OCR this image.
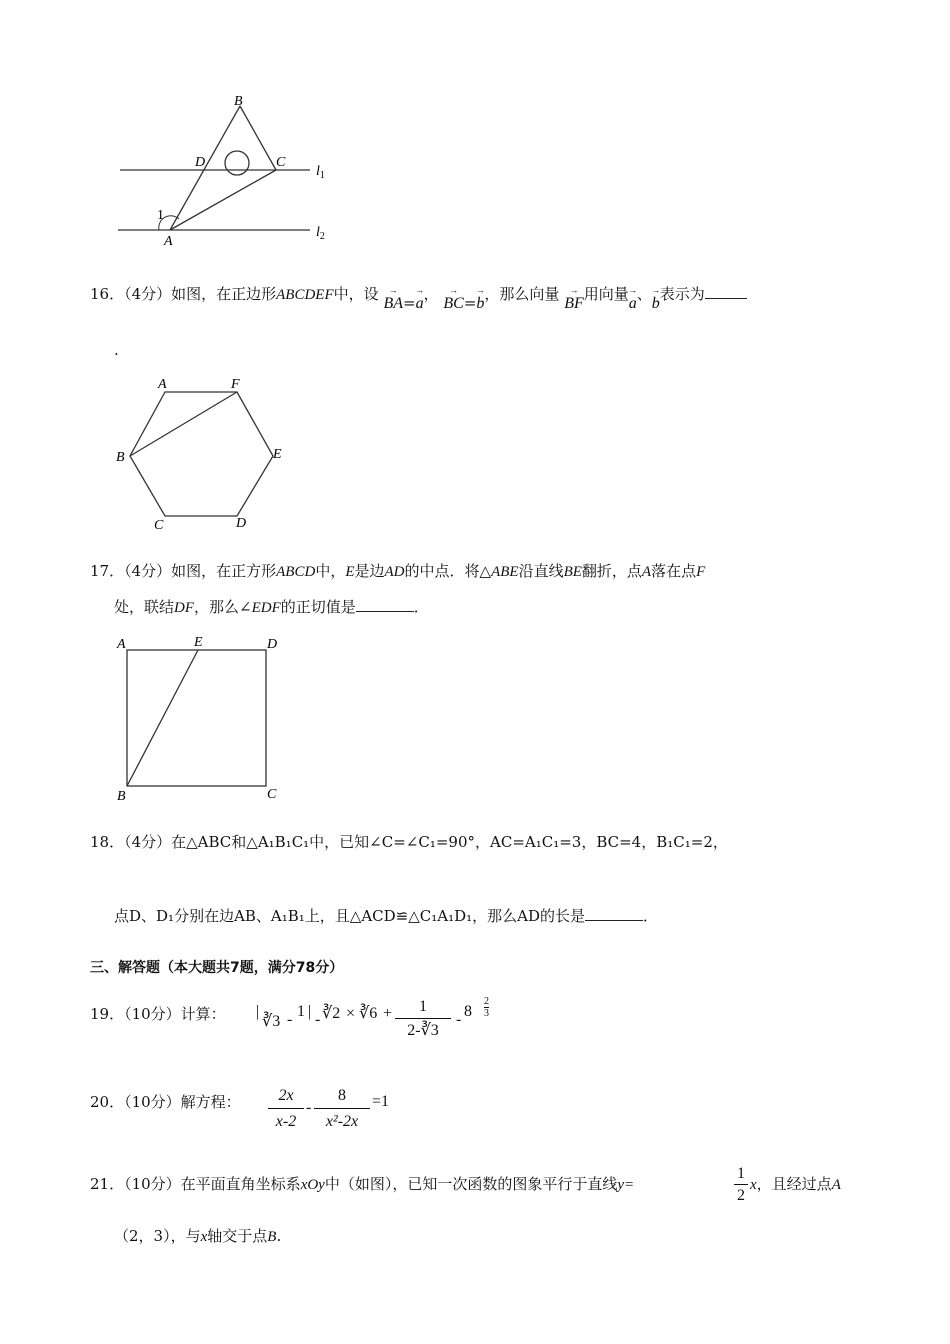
B
D	C
A
1
$l_1$
$l_2$
16．（4分）如图，在正边形ABCDEF中，设 →
BA=
→
a， →
BC=
→
b，那么向量 →
BF用向量 →
a、 →
b表示为
.
A	F
B	E
C	D
17．（4分）如图，在正方形ABCD中，E是边AD的中点．将△ABE沿直线BE翻折，点A落在点F
处，联结DF，那么∠EDF的正切值是	．
A	E	D
B	C
18．（4分）在△ABC和△A₁B₁C₁中，已知∠C=∠C₁=90°，AC=A₁C₁=3，BC=4，B₁C₁=2，
点D、D₁分别在边AB、A₁B₁上，且△ACD≌△C₁A₁D₁，那么AD的长是	．
三、解答题（本大题共7题，满分78分）
19．（10分）计算： |
∛3 - 1 | - ∛2 × ∛6 +	1
2-∛3
- 8
2
3
20．（10分）解方程：	2x
x-2
-
8
x²-2x
=1
21．（10分）在平面直角坐标系xOy中（如图），已知一次函数的图象平行于直线y=
1
2
x，且经过点A
（2，3），与x轴交于点B.
